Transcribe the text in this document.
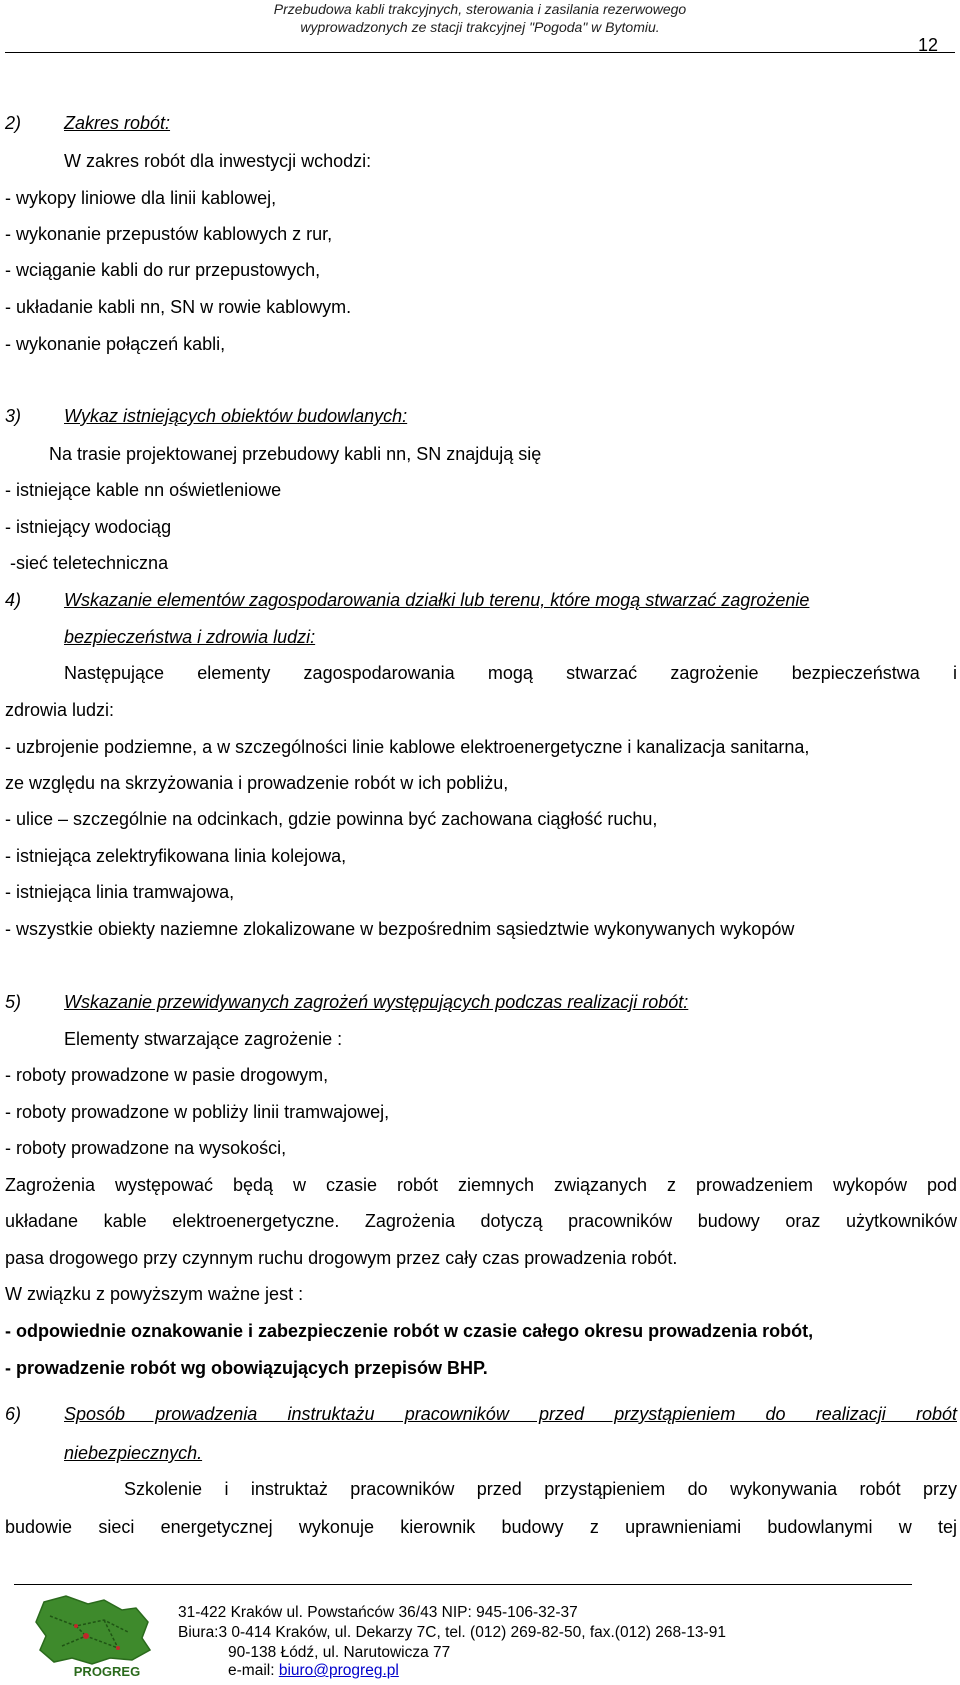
Przebudowa kabli trakcyjnych, sterowania i zasilania rezerwowego
wyprowadzonych ze stacji trakcyjnej "Pogoda" w Bytomiu.
12
2) Zakres robót:
W zakres robót dla inwestycji wchodzi:
- wykopy liniowe dla linii kablowej,
- wykonanie przepustów kablowych z rur,
- wciąganie kabli do rur przepustowych,
- układanie kabli nn, SN w rowie kablowym.
- wykonanie połączeń kabli,
3) Wykaz istniejących obiektów budowlanych:
Na trasie projektowanej przebudowy kabli nn, SN znajdują się
- istniejące kable nn oświetleniowe
- istniejący wodociąg
-sieć teletechniczna
4) Wskazanie elementów zagospodarowania działki lub terenu, które mogą stwarzać zagrożenie
bezpieczeństwa i zdrowia ludzi:
Następujące elementy zagospodarowania mogą stwarzać zagrożenie bezpieczeństwa i
zdrowia ludzi:
- uzbrojenie podziemne, a w szczególności linie kablowe elektroenergetyczne i kanalizacja sanitarna,
ze względu na skrzyżowania i prowadzenie robót w ich pobliżu,
- ulice – szczególnie na odcinkach, gdzie powinna być zachowana ciągłość ruchu,
- istniejąca zelektryfikowana linia kolejowa,
- istniejąca linia tramwajowa,
- wszystkie obiekty naziemne zlokalizowane w bezpośrednim sąsiedztwie wykonywanych wykopów
5) Wskazanie przewidywanych zagrożeń występujących podczas realizacji robót:
Elementy stwarzające zagrożenie :
- roboty prowadzone w pasie drogowym,
- roboty prowadzone w pobliży linii tramwajowej,
- roboty prowadzone na wysokości,
Zagrożenia występować będą w czasie robót ziemnych związanych z prowadzeniem wykopów pod
układane kable elektroenergetyczne. Zagrożenia dotyczą pracowników budowy oraz użytkowników
pasa drogowego przy czynnym ruchu drogowym przez cały czas prowadzenia robót.
W związku z powyższym ważne jest :
- odpowiednie oznakowanie i zabezpieczenie robót w czasie całego okresu prowadzenia robót,
- prowadzenie robót wg obowiązujących przepisów BHP.
6) Sposób prowadzenia instruktażu pracowników przed przystąpieniem do realizacji robót
niebezpiecznych.
Szkolenie i instruktaż pracowników przed przystąpieniem do wykonywania robót przy
budowie sieci energetycznej wykonuje kierownik budowy z uprawnieniami budowlanymi w tej
PROGREG
31-422 Kraków ul. Powstańców 36/43 NIP: 945-106-32-37
Biura:3 0-414 Kraków, ul. Dekarzy 7C, tel. (012) 269-82-50, fax.(012) 268-13-91
90-138 Łódź, ul. Narutowicza 77
e-mail: biuro@progreg.pl
